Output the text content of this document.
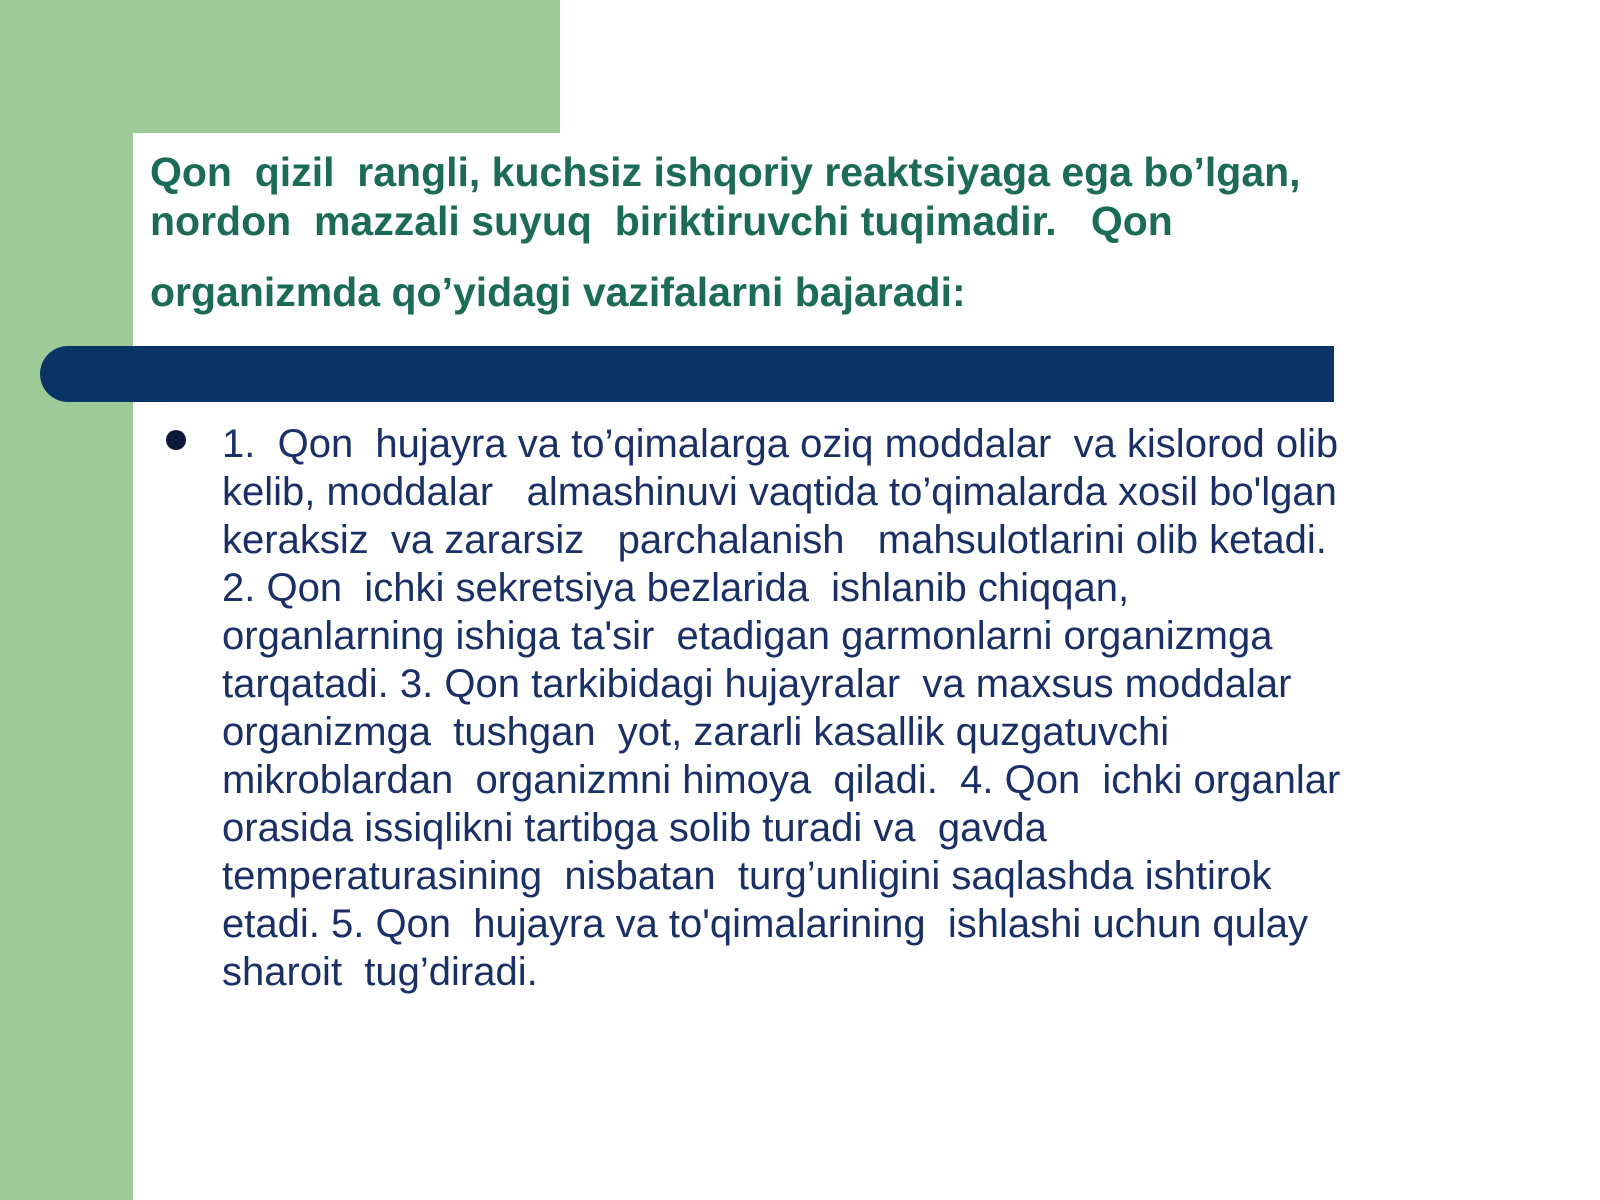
Qon  qizil  rangli, kuchsiz ishqoriy reaktsiyaga ega bo’lgan,
nordon  mazzali suyuq  biriktiruvchi tuqimadir.   Qon
organizmda qo’yidagi vazifalarni bajaradi:
1.  Qon  hujayra va to’qimalarga oziq moddalar  va kislorod olib
kelib, moddalar   almashinuvi vaqtida to’qimalarda xosil bo'lgan
keraksiz  va zararsiz   parchalanish   mahsulotlarini olib ketadi.
2. Qon  ichki sekretsiya bezlarida  ishlanib chiqqan,
organlarning ishiga ta'sir  etadigan garmonlarni organizmga
tarqatadi. 3. Qon tarkibidagi hujayralar  va maxsus moddalar
organizmga  tushgan  yot, zararli kasallik quzgatuvchi
mikroblardan  organizmni himoya  qiladi.  4. Qon  ichki organlar
orasida issiqlikni tartibga solib turadi va  gavda
temperaturasining  nisbatan  turg’unligini saqlashda ishtirok
etadi. 5. Qon  hujayra va to'qimalarining  ishlashi uchun qulay
sharoit  tug’diradi.
